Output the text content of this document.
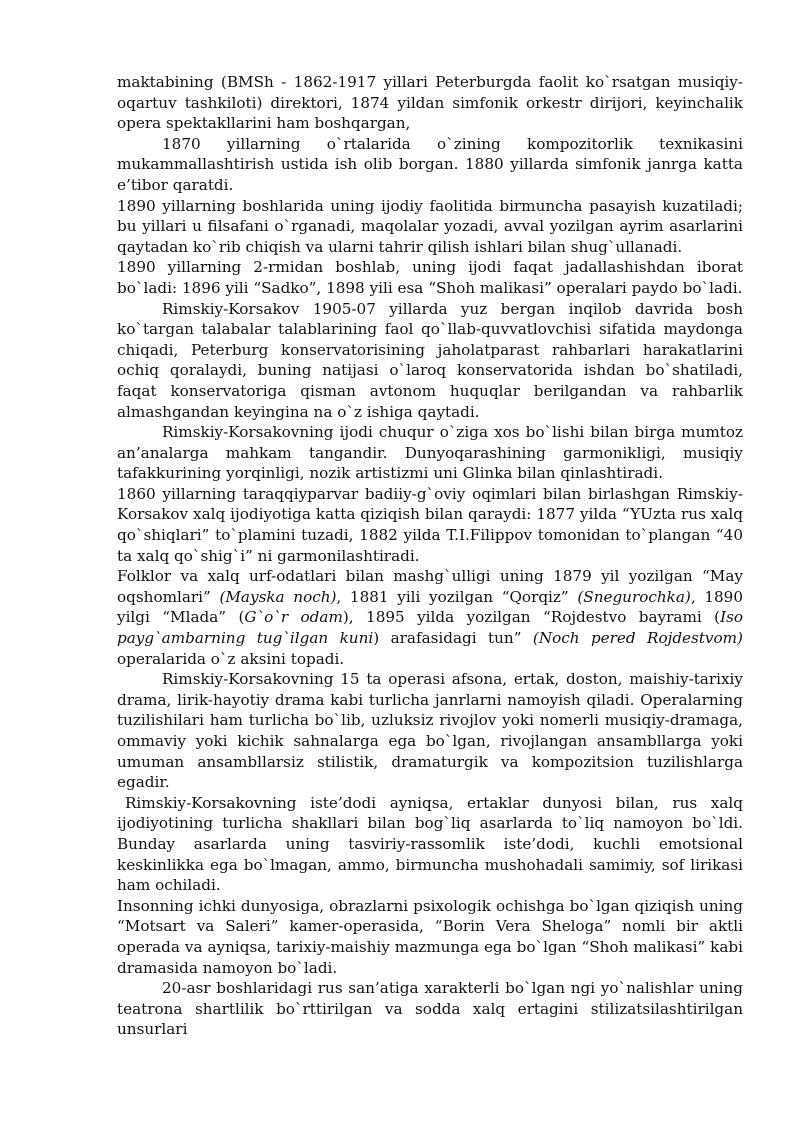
maktabining (BMSh - 1862-1917 yillari Peterburgda faolit ko`rsatgan musiqiy-oqartuv tashkiloti) direktori, 1874 yildan simfonik orkestr dirijori, keyinchalik opera spektakllarini ham boshqargan,

1870 yillarning o`rtalarida o`zining kompozitorlik texnikasini mukammallashtirish ustida ish olib borgan. 1880 yillarda simfonik janrga katta e’tibor qaratdi.

1890 yillarning boshlarida uning ijodiy faolitida birmuncha pasayish kuzatiladi; bu yillari u filsafani o`rganadi, maqolalar yozadi, avval yozilgan ayrim asarlarini qaytadan ko`rib chiqish va ularni tahrir qilish ishlari bilan shug`ullanadi.

1890 yillarning 2-rmidan boshlab, uning ijodi faqat jadallashishdan iborat bo`ladi: 1896 yili “Sadko”, 1898 yili esa “Shoh malikasi” operalari paydo bo`ladi.

Rimskiy-Korsakov 1905-07 yillarda yuz bergan inqilob davrida bosh ko`targan talabalar talablarining faol qo`llab-quvvatlovchisi sifatida maydonga chiqadi, Peterburg konservatorisining jaholatparast rahbarlari harakatlarini ochiq qoralaydi, buning natijasi o`laroq konservatorida ishdan bo`shatiladi, faqat konservatoriga qisman avtonom huquqlar berilgandan va rahbarlik almashgandan keyingina na o`z ishiga qaytadi.

Rimskiy-Korsakovning ijodi chuqur o`ziga xos bo`lishi bilan birga mumtoz an’analarga mahkam tangandir. Dunyoqarashining garmonikligi, musiqiy tafakkurining yorqinligi, nozik artistizmi uni Glinka bilan qinlashtiradi.

1860 yillarning taraqqiyparvar badiiy-g`oviy oqimlari bilan birlashgan Rimskiy-Korsakov xalq ijodiyotiga katta qiziqish bilan qaraydi: 1877 yilda “YUzta rus xalq qo`shiqlari” to`plamini tuzadi, 1882 yilda T.I.Filippov tomonidan to`plangan “40 ta xalq qo`shig`i” ni garmonilashtiradi.

Folklor va xalq urf-odatlari bilan mashg`ulligi uning 1879 yil yozilgan “May oqshomlari” (Mayska noch), 1881 yili yozilgan “Qorqiz” (Snegurochka), 1890 yilgi “Mlada” (G`o`r odam), 1895 yilda yozilgan “Rojdestvo bayrami (Iso payg`ambarning tug`ilgan kuni) arafasidagi tun” (Noch pered Rojdestvom) operalarida o`z aksini topadi.

Rimskiy-Korsakovning 15 ta operasi afsona, ertak, doston, maishiy-tarixiy drama, lirik-hayotiy drama kabi turlicha janrlarni namoyish qiladi. Operalarning tuzilishilari ham turlicha bo`lib, uzluksiz rivojlov yoki nomerli musiqiy-dramaga, ommaviy yoki kichik sahnalarga ega bo`lgan, rivojlangan ansambllarga yoki umuman ansambllarsiz stilistik, dramaturgik va kompozitsion tuzilishlarga egadir.

Rimskiy-Korsakovning iste’dodi ayniqsa, ertaklar dunyosi bilan, rus xalq ijodiyotining turlicha shakllari bilan bog`liq asarlarda to`liq namoyon bo`ldi. Bunday asarlarda uning tasviriy-rassomlik iste’dodi, kuchli emotsional keskinlikka ega bo`lmagan, ammo, birmuncha mushohadali samimiy, sof lirikasi ham ochiladi.

Insonning ichki dunyosiga, obrazlarni psixologik ochishga bo`lgan qiziqish uning “Motsart va Saleri” kamer-operasida, “Borin Vera Sheloga” nomli bir aktli operada va ayniqsa, tarixiy-maishiy mazmunga ega bo`lgan “Shoh malikasi” kabi dramasida namoyon bo`ladi.

20-asr boshlaridagi rus san’atiga xarakterli bo`lgan ngi yo`nalishlar uning teatrona shartlilik bo`rttirilgan va sodda xalq ertagini stilizatsilashtirilgan unsurlari
